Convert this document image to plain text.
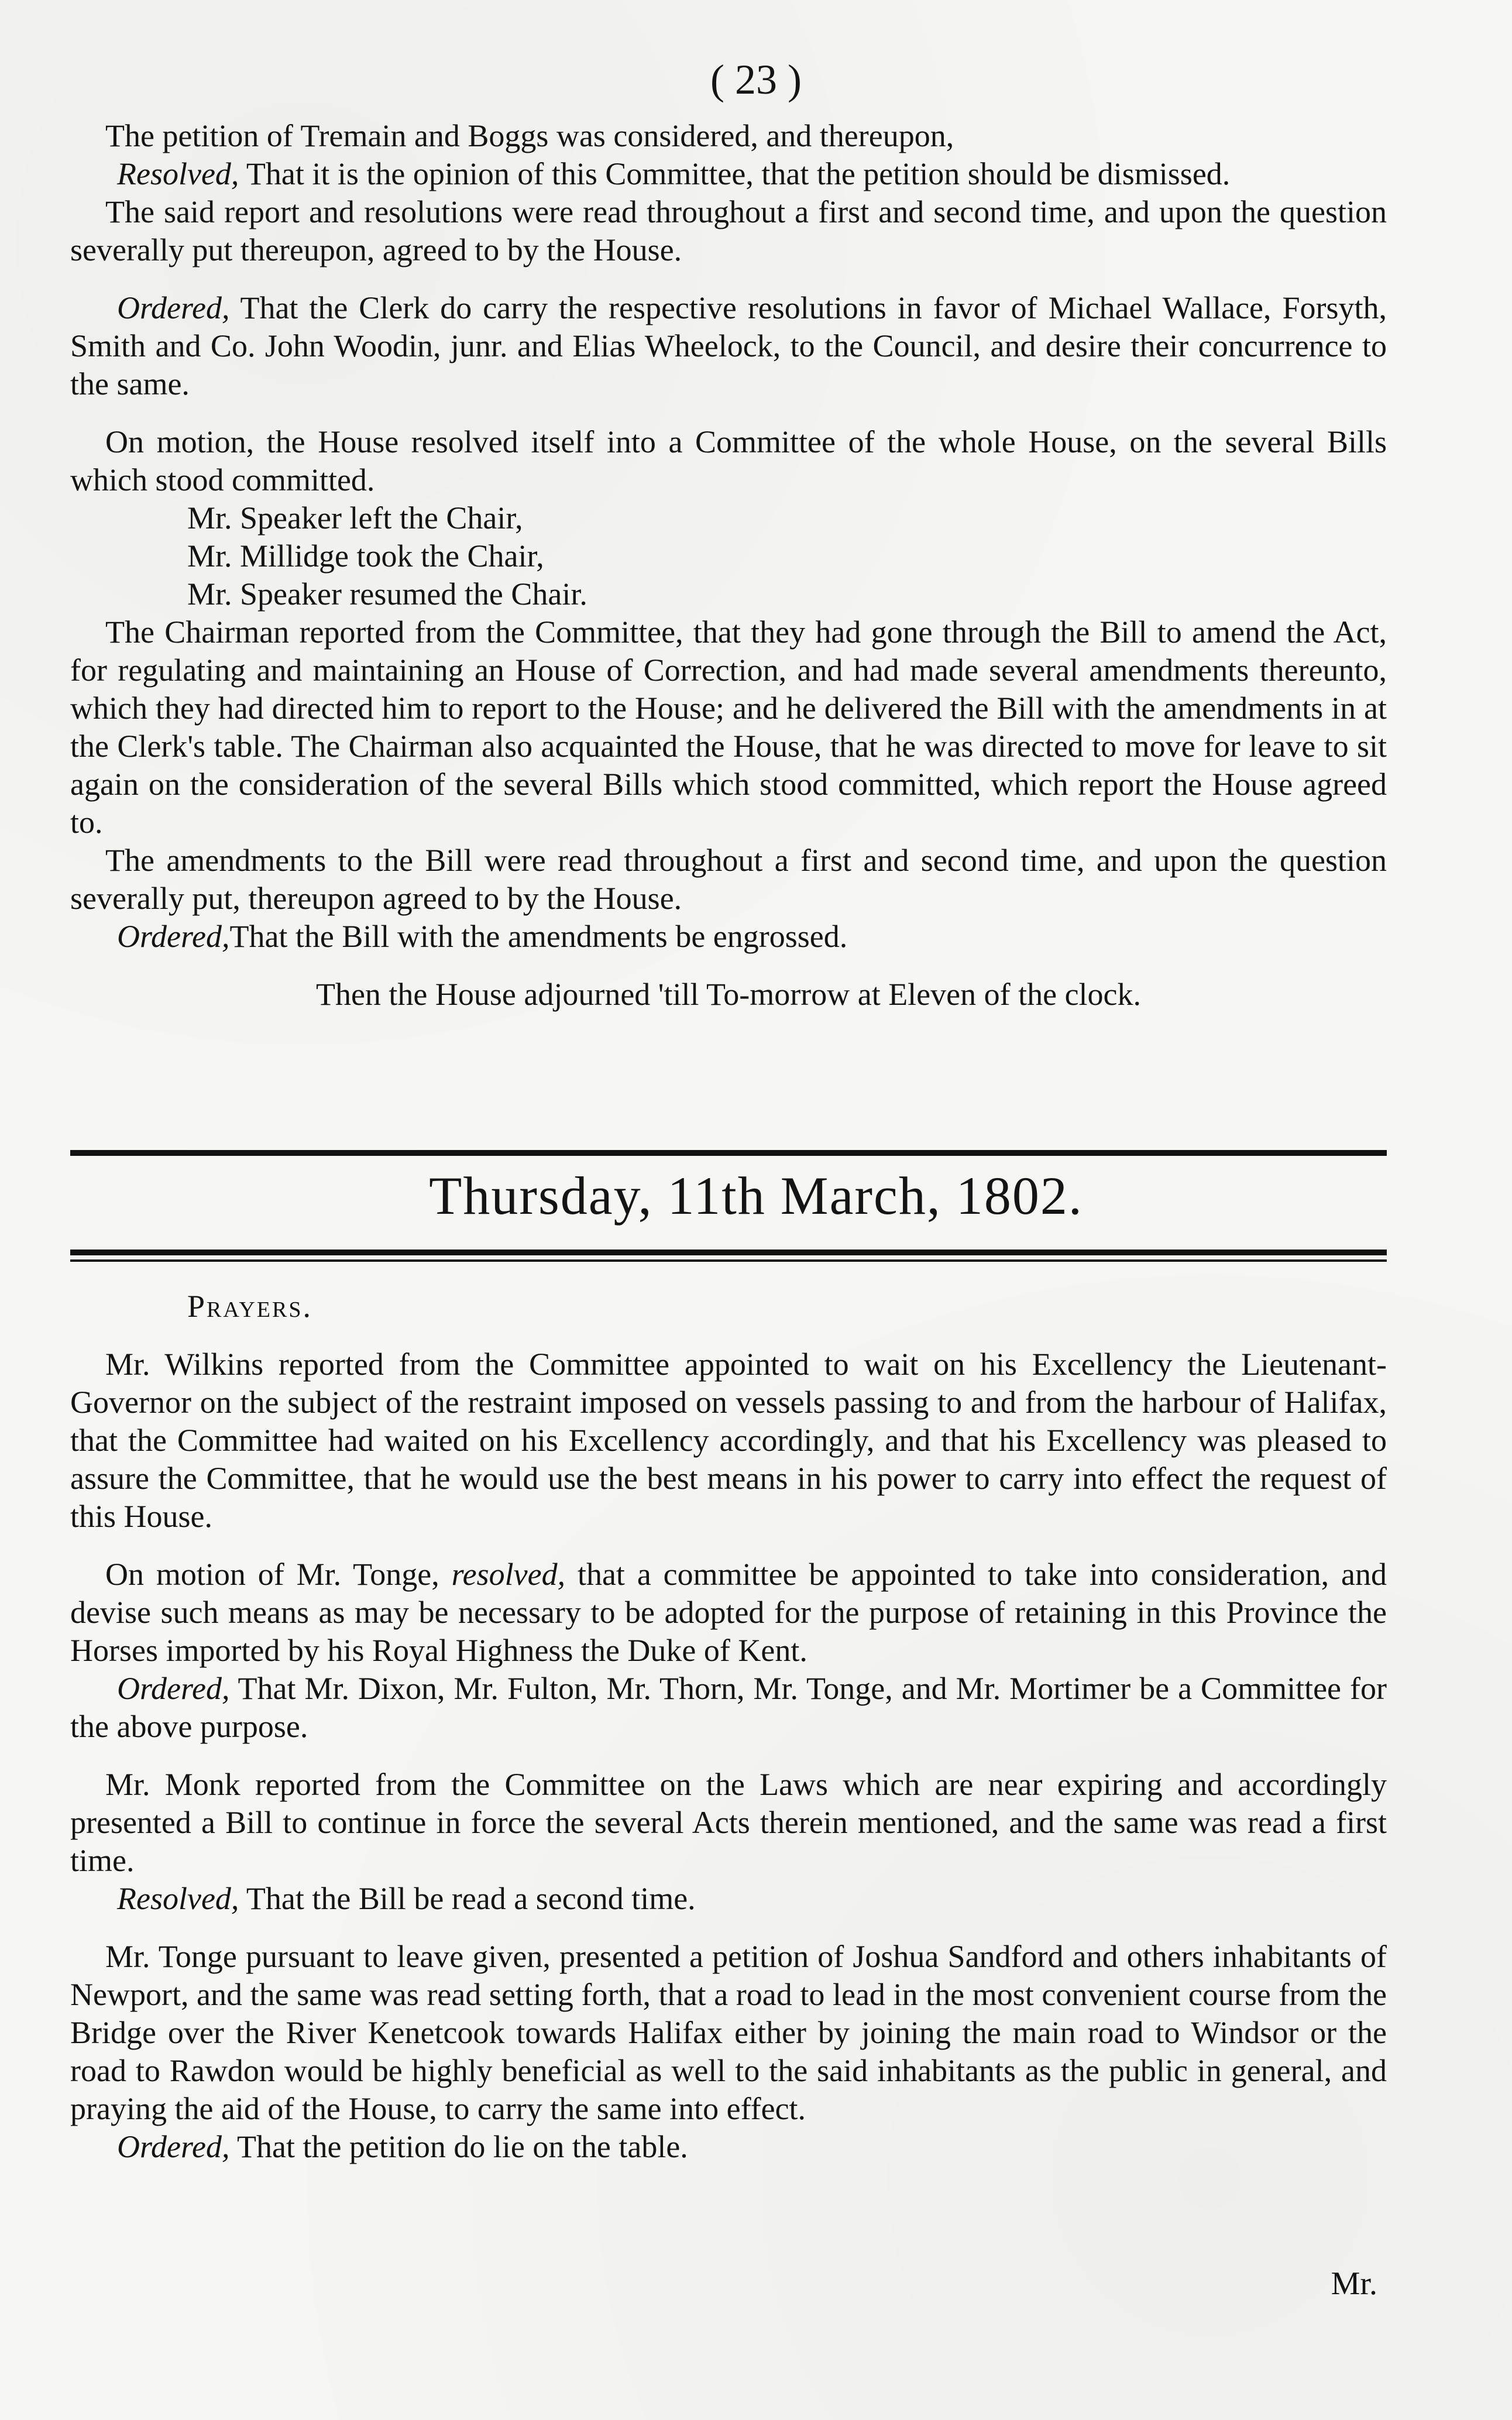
( 23 )

The petition of Tremain and Boggs was considered, and thereupon,

Resolved, That it is the opinion of this Committee, that the petition should be dismissed.

The said report and resolutions were read throughout a first and second time, and upon the question severally put thereupon, agreed to by the House.

Ordered, That the Clerk do carry the respective resolutions in favor of Michael Wallace, Forsyth, Smith and Co. John Woodin, junr. and Elias Wheelock, to the Council, and desire their concurrence to the same.

On motion, the House resolved itself into a Committee of the whole House, on the several Bills which stood committed.

Mr. Speaker left the Chair,

Mr. Millidge took the Chair,

Mr. Speaker resumed the Chair.

The Chairman reported from the Committee, that they had gone through the Bill to amend the Act, for regulating and maintaining an House of Correction, and had made several amendments thereunto, which they had directed him to report to the House; and he delivered the Bill with the amendments in at the Clerk's table. The Chairman also acquainted the House, that he was directed to move for leave to sit again on the consideration of the several Bills which stood committed, which report the House agreed to.

The amendments to the Bill were read throughout a first and second time, and upon the question severally put, thereupon agreed to by the House.

Ordered,That the Bill with the amendments be engrossed.

Then the House adjourned 'till To-morrow at Eleven of the clock.

Thursday, 11th March, 1802.

Prayers.

Mr. Wilkins reported from the Committee appointed to wait on his Excellency the Lieutenant-Governor on the subject of the restraint imposed on vessels passing to and from the harbour of Halifax, that the Committee had waited on his Excellency accordingly, and that his Excellency was pleased to assure the Committee, that he would use the best means in his power to carry into effect the request of this House.

On motion of Mr. Tonge, resolved, that a committee be appointed to take into consideration, and devise such means as may be necessary to be adopted for the purpose of retaining in this Province the Horses imported by his Royal Highness the Duke of Kent.

Ordered, That Mr. Dixon, Mr. Fulton, Mr. Thorn, Mr. Tonge, and Mr. Mortimer be a Committee for the above purpose.

Mr. Monk reported from the Committee on the Laws which are near expiring and accordingly presented a Bill to continue in force the several Acts therein mentioned, and the same was read a first time.

Resolved, That the Bill be read a second time.

Mr. Tonge pursuant to leave given, presented a petition of Joshua Sandford and others inhabitants of Newport, and the same was read setting forth, that a road to lead in the most convenient course from the Bridge over the River Kenetcook towards Halifax either by joining the main road to Windsor or the road to Rawdon would be highly beneficial as well to the said inhabitants as the public in general, and praying the aid of the House, to carry the same into effect.

Ordered, That the petition do lie on the table.

Mr.
